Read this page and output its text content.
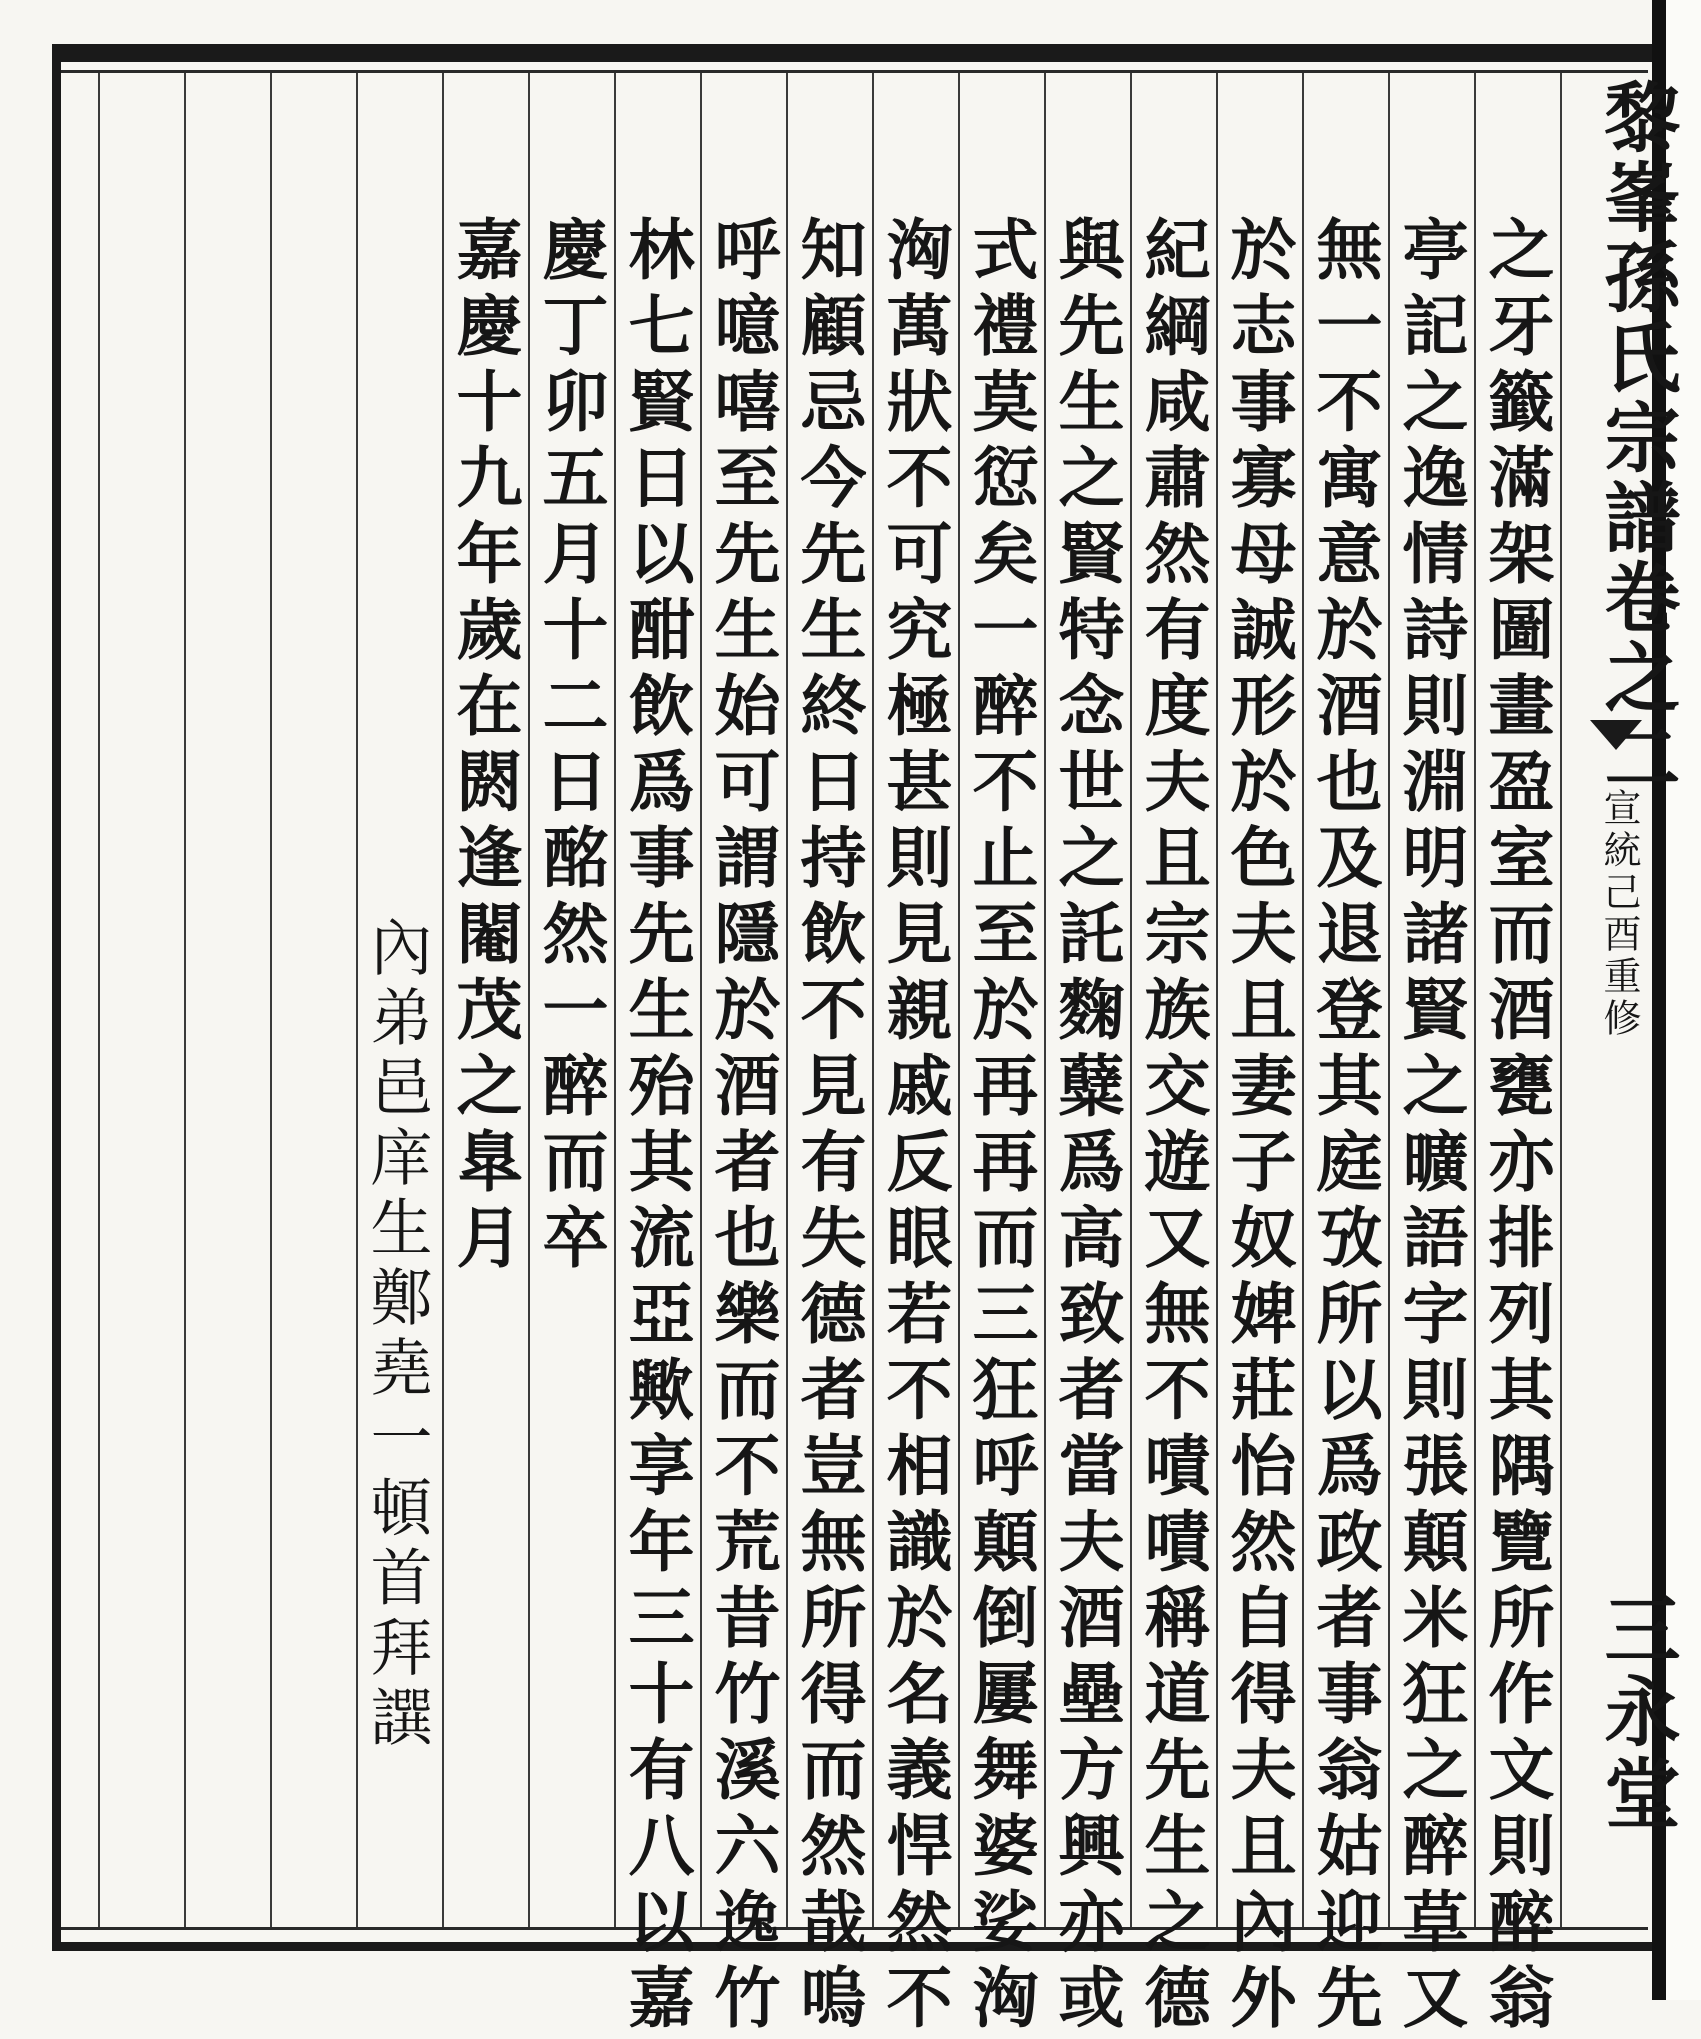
黎峯孫氏宗譜卷之二
宣統己酉重修
三永堂
之牙籤滿架圖畫盈室而酒甕亦排列其隅覽所作文則醉翁
亭記之逸情詩則淵明諸賢之曠語字則張顛米狂之醉草又
無一不寓意於酒也及退登其庭攷所以爲政者事翁姑迎先
於志事寡母誠形於色夫且妻子奴婢莊怡然自得夫且內外
紀綱咸肅然有度夫且宗族交遊又無不嘖嘖稱道先生之德
與先生之賢特念世之託麴糵爲高致者當夫酒壘方興亦或
式禮莫愆矣一醉不止至於再再而三狂呼顛倒屢舞婆娑洶
洶萬狀不可究極甚則見親戚反眼若不相識於名義悍然不
知顧忌今先生終日持飲不見有失德者豈無所得而然哉嗚
呼噫嘻至先生始可謂隱於酒者也樂而不荒昔竹溪六逸竹
林七賢日以酣飲爲事先生殆其流亞歟享年三十有八以嘉
慶丁卯五月十二日酩然一醉而卒
嘉慶十九年歲在閼逢閹茂之臯月
內弟邑庠生鄭堯一頓首拜譔
